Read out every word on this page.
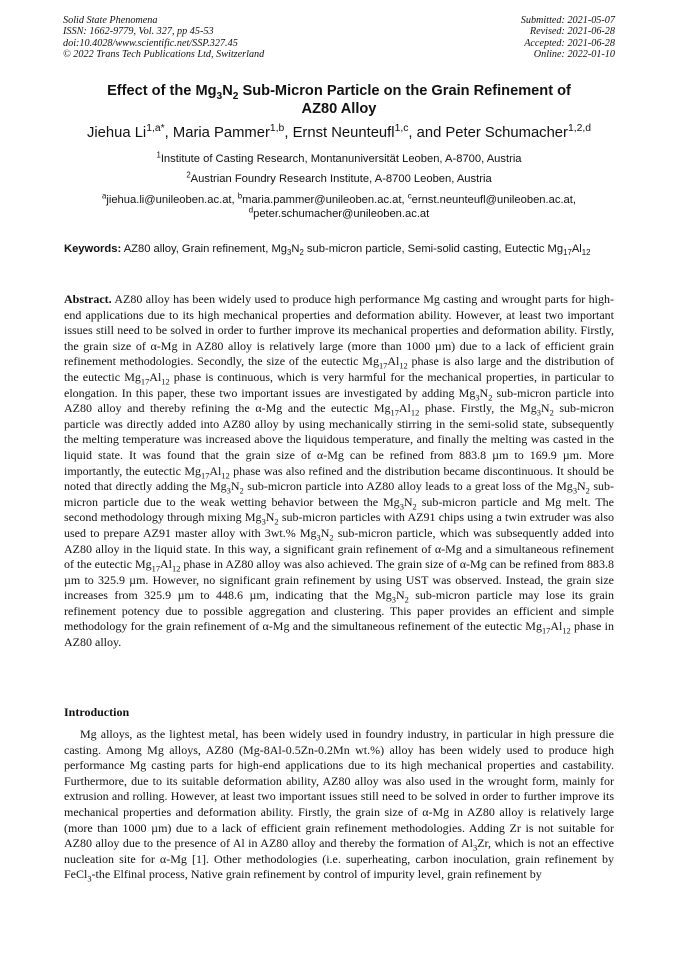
Solid State Phenomena
ISSN: 1662-9779, Vol. 327, pp 45-53
doi:10.4028/www.scientific.net/SSP.327.45
© 2022 Trans Tech Publications Ltd, Switzerland
Submitted: 2021-05-07
Revised: 2021-06-28
Accepted: 2021-06-28
Online: 2022-01-10
Effect of the $Mg_3N_2$ Sub-Micron Particle on the Grain Refinement of
AZ80 Alloy
Jiehua $Li^{1,a*}$, Maria Pammer$^{1,b}$, Ernst Neunteufl$^{1,c}$, and Peter Schumacher$^{1,2,d}$
$^1$Institute of Casting Research, Montanuniversität Leoben, A-8700, Austria
$^2$Austrian Foundry Research Institute, A-8700 Leoben, Austria
$^a$jiehua.li@unileoben.ac.at, $^b$maria.pammer@unileoben.ac.at, $^c$ernst.neunteufl@unileoben.ac.at,
$^d$peter.schumacher@unileoben.ac.at
Keywords: AZ80 alloy, Grain refinement, $Mg_3N_2$ sub-micron particle, Semi-solid casting, Eutectic $Mg_{17}Al_{12}$
Abstract. AZ80 alloy has been widely used to produce high performance Mg casting and wrought parts for high-end applications due to its high mechanical properties and deformation ability. However, at least two important issues still need to be solved in order to further improve its mechanical properties and deformation ability. Firstly, the grain size of α-Mg in AZ80 alloy is relatively large (more than 1000 µm) due to a lack of efficient grain refinement methodologies. Secondly, the size of the eutectic $Mg_{17}Al_{12}$ phase is also large and the distribution of the eutectic $Mg_{17}Al_{12}$ phase is continuous, which is very harmful for the mechanical properties, in particular to elongation. In this paper, these two important issues are investigated by adding $Mg_3N_2$ sub-micron particle into AZ80 alloy and thereby refining the α-Mg and the eutectic $Mg_{17}Al_{12}$ phase. Firstly, the $Mg_3N_2$ sub-micron particle was directly added into AZ80 alloy by using mechanically stirring in the semi-solid state, subsequently the melting temperature was increased above the liquidous temperature, and finally the melting was casted in the liquid state. It was found that the grain size of α-Mg can be refined from 883.8 µm to 169.9 µm. More importantly, the eutectic $Mg_{17}Al_{12}$ phase was also refined and the distribution became discontinuous. It should be noted that directly adding the $Mg_3N_2$ sub-micron particle into AZ80 alloy leads to a great loss of the $Mg_3N_2$ sub-micron particle due to the weak wetting behavior between the $Mg_3N_2$ sub-micron particle and Mg melt. The second methodology through mixing $Mg_3N_2$ sub-micron particles with AZ91 chips using a twin extruder was also used to prepare AZ91 master alloy with 3wt.% $Mg_3N_2$ sub-micron particle, which was subsequently added into AZ80 alloy in the liquid state. In this way, a significant grain refinement of α-Mg and a simultaneous refinement of the eutectic $Mg_{17}Al_{12}$ phase in AZ80 alloy was also achieved. The grain size of α-Mg can be refined from 883.8 µm to 325.9 µm. However, no significant grain refinement by using UST was observed. Instead, the grain size increases from 325.9 µm to 448.6 µm, indicating that the $Mg_3N_2$ sub-micron particle may lose its grain refinement potency due to possible aggregation and clustering. This paper provides an efficient and simple methodology for the grain refinement of α-Mg and the simultaneous refinement of the eutectic $Mg_{17}Al_{12}$ phase in AZ80 alloy.
Introduction
Mg alloys, as the lightest metal, has been widely used in foundry industry, in particular in high pressure die casting. Among Mg alloys, AZ80 (Mg-8Al-0.5Zn-0.2Mn wt.%) alloy has been widely used to produce high performance Mg casting parts for high-end applications due to its high mechanical properties and castability. Furthermore, due to its suitable deformation ability, AZ80 alloy was also used in the wrought form, mainly for extrusion and rolling. However, at least two important issues still need to be solved in order to further improve its mechanical properties and deformation ability. Firstly, the grain size of α-Mg in AZ80 alloy is relatively large (more than 1000 µm) due to a lack of efficient grain refinement methodologies. Adding Zr is not suitable for AZ80 alloy due to the presence of Al in AZ80 alloy and thereby the formation of $Al_3Zr$, which is not an effective nucleation site for α-Mg [1]. Other methodologies (i.e. superheating, carbon inoculation, grain refinement by FeCl$_3$-the Elfinal process, Native grain refinement by control of impurity level, grain refinement by
